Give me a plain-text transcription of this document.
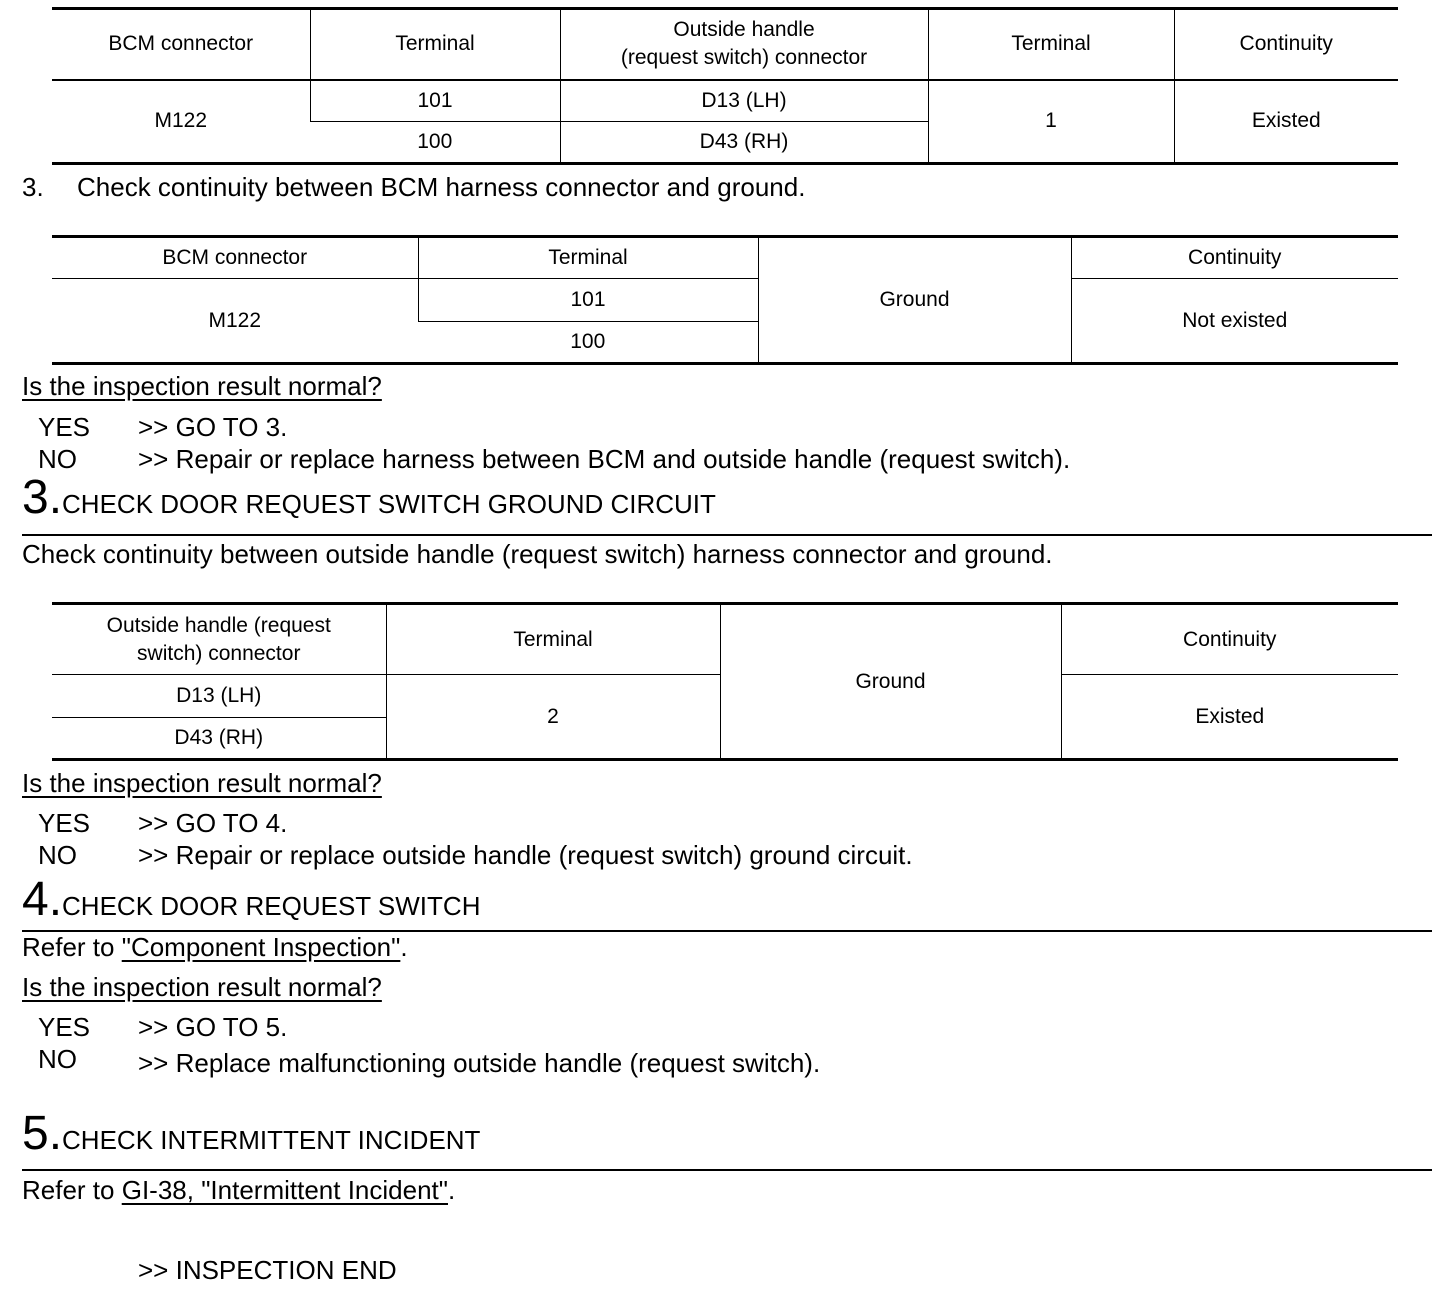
BCM connector	Terminal	Outside handle
(request switch) connector	Terminal	Continuity
M122	101	D13 (LH)	1	Existed
	100	D43 (RH)		
3. Check continuity between BCM harness connector and ground.
BCM connector	Terminal	Ground	Continuity
M122	101		Not existed
	100		
Is the inspection result normal?
YES >> GO TO 3.
NO >> Repair or replace harness between BCM and outside handle (request switch).
3.CHECK DOOR REQUEST SWITCH GROUND CIRCUIT
Check continuity between outside handle (request switch) harness connector and ground.
Outside handle (request
switch) connector	Terminal	Ground	Continuity
D13 (LH)	2		Existed
D43 (RH)			
Is the inspection result normal?
YES >> GO TO 4.
NO >> Repair or replace outside handle (request switch) ground circuit.
4.CHECK DOOR REQUEST SWITCH
Refer to "Component Inspection".
Is the inspection result normal?
YES >> GO TO 5.
NO >> Replace malfunctioning outside handle (request switch).
5.CHECK INTERMITTENT INCIDENT
Refer to GI-38, "Intermittent Incident".
>> INSPECTION END
